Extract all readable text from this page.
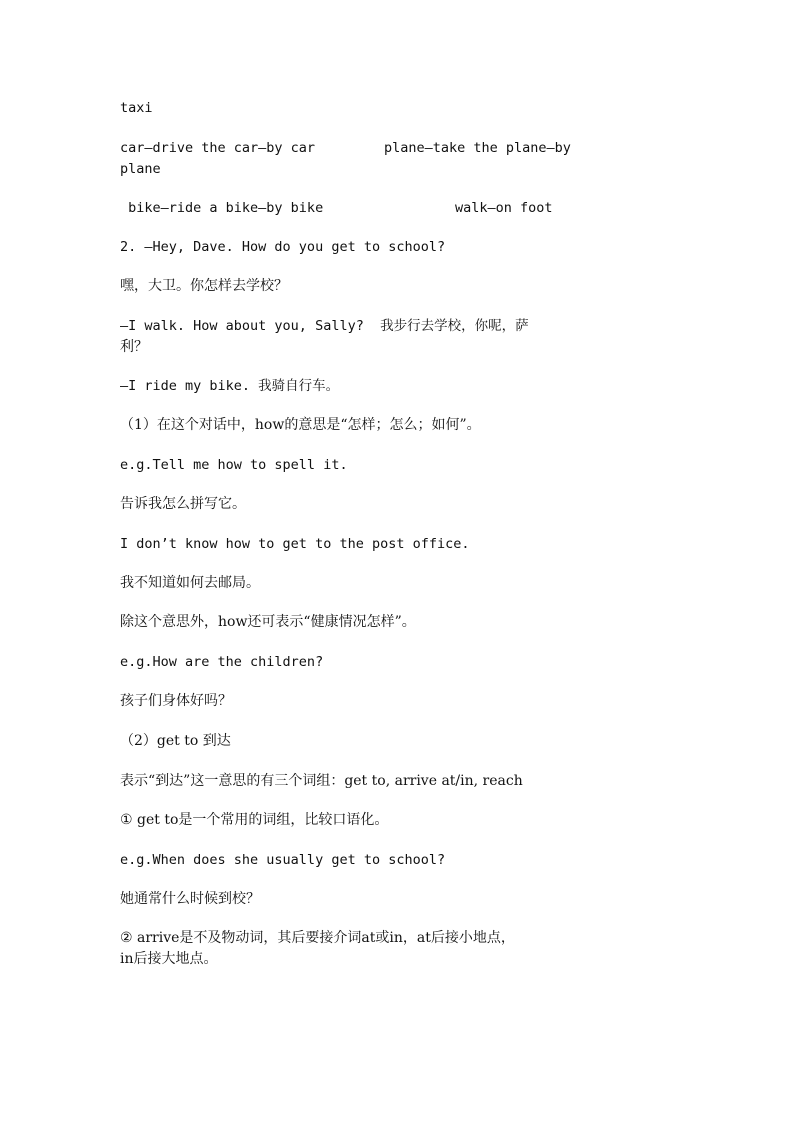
taxi

car—drive the car—by car	plane—take the plane—by

plane

bike—ride a bike—by bike	walk—on foot

2. —Hey, Dave. How do you get to school?

嘿，大卫。你怎样去学校？

—I walk. How about you, Sally?  我步行去学校，你呢，萨

利？

—I ride my bike. 我骑自行车。

（1）在这个对话中，how的意思是“怎样；怎么；如何”。

e.g.Tell me how to spell it.

告诉我怎么拼写它。

I don’t know how to get to the post office.

我不知道如何去邮局。

除这个意思外，how还可表示“健康情况怎样”。

e.g.How are the children?

孩子们身体好吗？

（2）get to 到达

表示“到达”这一意思的有三个词组：get to, arrive at/in, reach

① get to是一个常用的词组，比较口语化。

e.g.When does she usually get to school?

她通常什么时候到校？

② arrive是不及物动词，其后要接介词at或in，at后接小地点，

in后接大地点。
